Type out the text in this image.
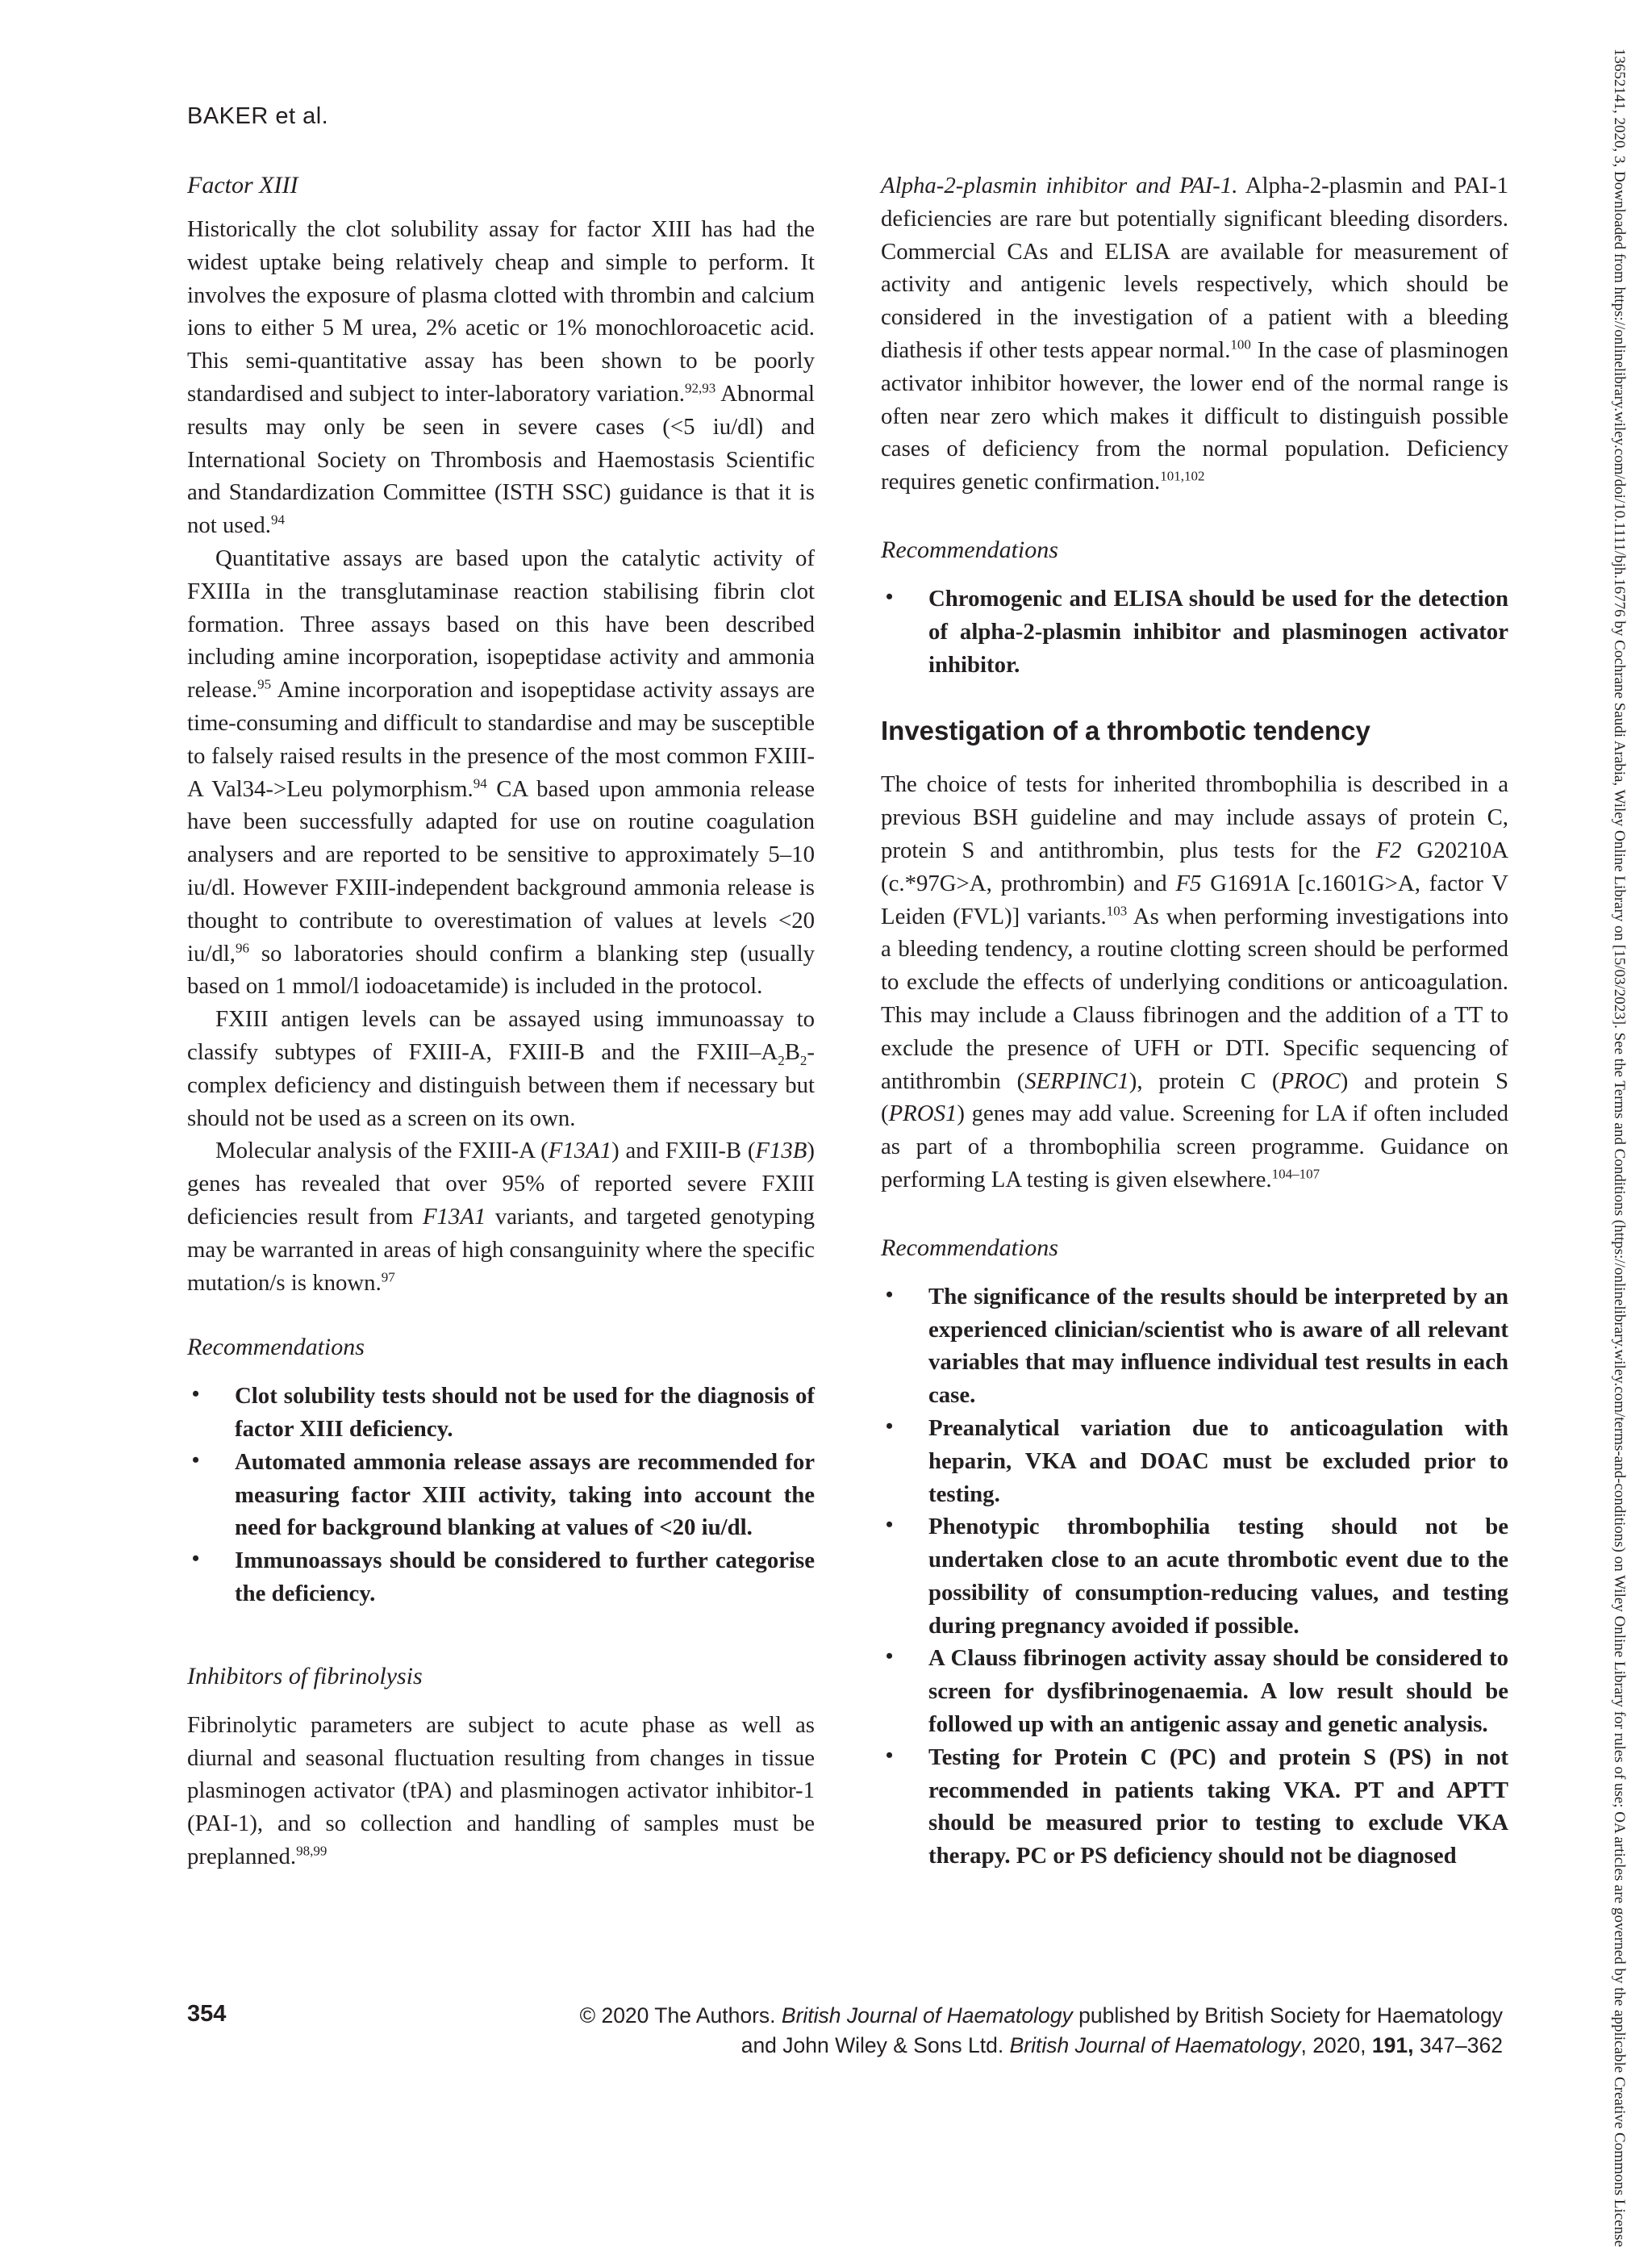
BAKER et al.
Factor XIII

Historically the clot solubility assay for factor XIII has had the widest uptake being relatively cheap and simple to perform. It involves the exposure of plasma clotted with thrombin and calcium ions to either 5 M urea, 2% acetic or 1% monochloroacetic acid. This semi-quantitative assay has been shown to be poorly standardised and subject to inter-laboratory variation.$^{92,93}$ Abnormal results may only be seen in severe cases (<5 iu/dl) and International Society on Thrombosis and Haemostasis Scientific and Standardization Committee (ISTH SSC) guidance is that it is not used.$^{94}$

Quantitative assays are based upon the catalytic activity of FXIIIa in the transglutaminase reaction stabilising fibrin clot formation. Three assays based on this have been described including amine incorporation, isopeptidase activity and ammonia release.$^{95}$ Amine incorporation and isopeptidase activity assays are time-consuming and difficult to standardise and may be susceptible to falsely raised results in the presence of the most common FXIII-A Val34->Leu polymorphism.$^{94}$ CA based upon ammonia release have been successfully adapted for use on routine coagulation analysers and are reported to be sensitive to approximately 5–10 iu/dl. However FXIII-independent background ammonia release is thought to contribute to overestimation of values at levels <20 iu/dl,$^{96}$ so laboratories should confirm a blanking step (usually based on 1 mmol/l iodoacetamide) is included in the protocol.

FXIII antigen levels can be assayed using immunoassay to classify subtypes of FXIII-A, FXIII-B and the FXIII–$A_2B_2$-complex deficiency and distinguish between them if necessary but should not be used as a screen on its own.

Molecular analysis of the FXIII-A (F13A1) and FXIII-B (F13B) genes has revealed that over 95% of reported severe FXIII deficiencies result from F13A1 variants, and targeted genotyping may be warranted in areas of high consanguinity where the specific mutation/s is known.$^{97}$

Recommendations
• Clot solubility tests should not be used for the diagnosis of factor XIII deficiency.
• Automated ammonia release assays are recommended for measuring factor XIII activity, taking into account the need for background blanking at values of <20 iu/dl.
• Immunoassays should be considered to further categorise the deficiency.
Inhibitors of fibrinolysis

Fibrinolytic parameters are subject to acute phase as well as diurnal and seasonal fluctuation resulting from changes in tissue plasminogen activator (tPA) and plasminogen activator inhibitor-1 (PAI-1), and so collection and handling of samples must be preplanned.$^{98,99}$

Alpha-2-plasmin inhibitor and PAI-1. Alpha-2-plasmin and PAI-1 deficiencies are rare but potentially significant bleeding disorders. Commercial CAs and ELISA are available for measurement of activity and antigenic levels respectively, which should be considered in the investigation of a patient with a bleeding diathesis if other tests appear normal.$^{100}$ In the case of plasminogen activator inhibitor however, the lower end of the normal range is often near zero which makes it difficult to distinguish possible cases of deficiency from the normal population. Deficiency requires genetic confirmation.$^{101,102}$

Recommendations
• Chromogenic and ELISA should be used for the detection of alpha-2-plasmin inhibitor and plasminogen activator inhibitor.
Investigation of a thrombotic tendency

The choice of tests for inherited thrombophilia is described in a previous BSH guideline and may include assays of protein C, protein S and antithrombin, plus tests for the F2 G20210A (c.*97G>A, prothrombin) and F5 G1691A [c.1601G>A, factor V Leiden (FVL)] variants.$^{103}$ As when performing investigations into a bleeding tendency, a routine clotting screen should be performed to exclude the effects of underlying conditions or anticoagulation. This may include a Clauss fibrinogen and the addition of a TT to exclude the presence of UFH or DTI. Specific sequencing of antithrombin (SERPINC1), protein C (PROC) and protein S (PROS1) genes may add value. Screening for LA if often included as part of a thrombophilia screen programme. Guidance on performing LA testing is given elsewhere.$^{104-107}$

Recommendations
• The significance of the results should be interpreted by an experienced clinician/scientist who is aware of all relevant variables that may influence individual test results in each case.
• Preanalytical variation due to anticoagulation with heparin, VKA and DOAC must be excluded prior to testing.
• Phenotypic thrombophilia testing should not be undertaken close to an acute thrombotic event due to the possibility of consumption-reducing values, and testing during pregnancy avoided if possible.
• A Clauss fibrinogen activity assay should be considered to screen for dysfibrinogenaemia. A low result should be followed up with an antigenic assay and genetic analysis.
• Testing for Protein C (PC) and protein S (PS) in not recommended in patients taking VKA. PT and APTT should be measured prior to testing to exclude VKA therapy. PC or PS deficiency should not be diagnosed
354	© 2020 The Authors. British Journal of Haematology published by British Society for Haematology
and John Wiley & Sons Ltd. British Journal of Haematology, 2020, 191, 347–362	13652141, 2020, 3, Downloaded from https://onlinelibrary.wiley.com/doi/10.1111/bjh.16776 by Cochrane Saudi Arabia, Wiley Online Library on [15/03/2023]. See the Terms and Conditions (https://onlinelibrary.wiley.com/terms-and-conditions) on Wiley Online Library for rules of use; OA articles are governed by the applicable Creative Commons License
